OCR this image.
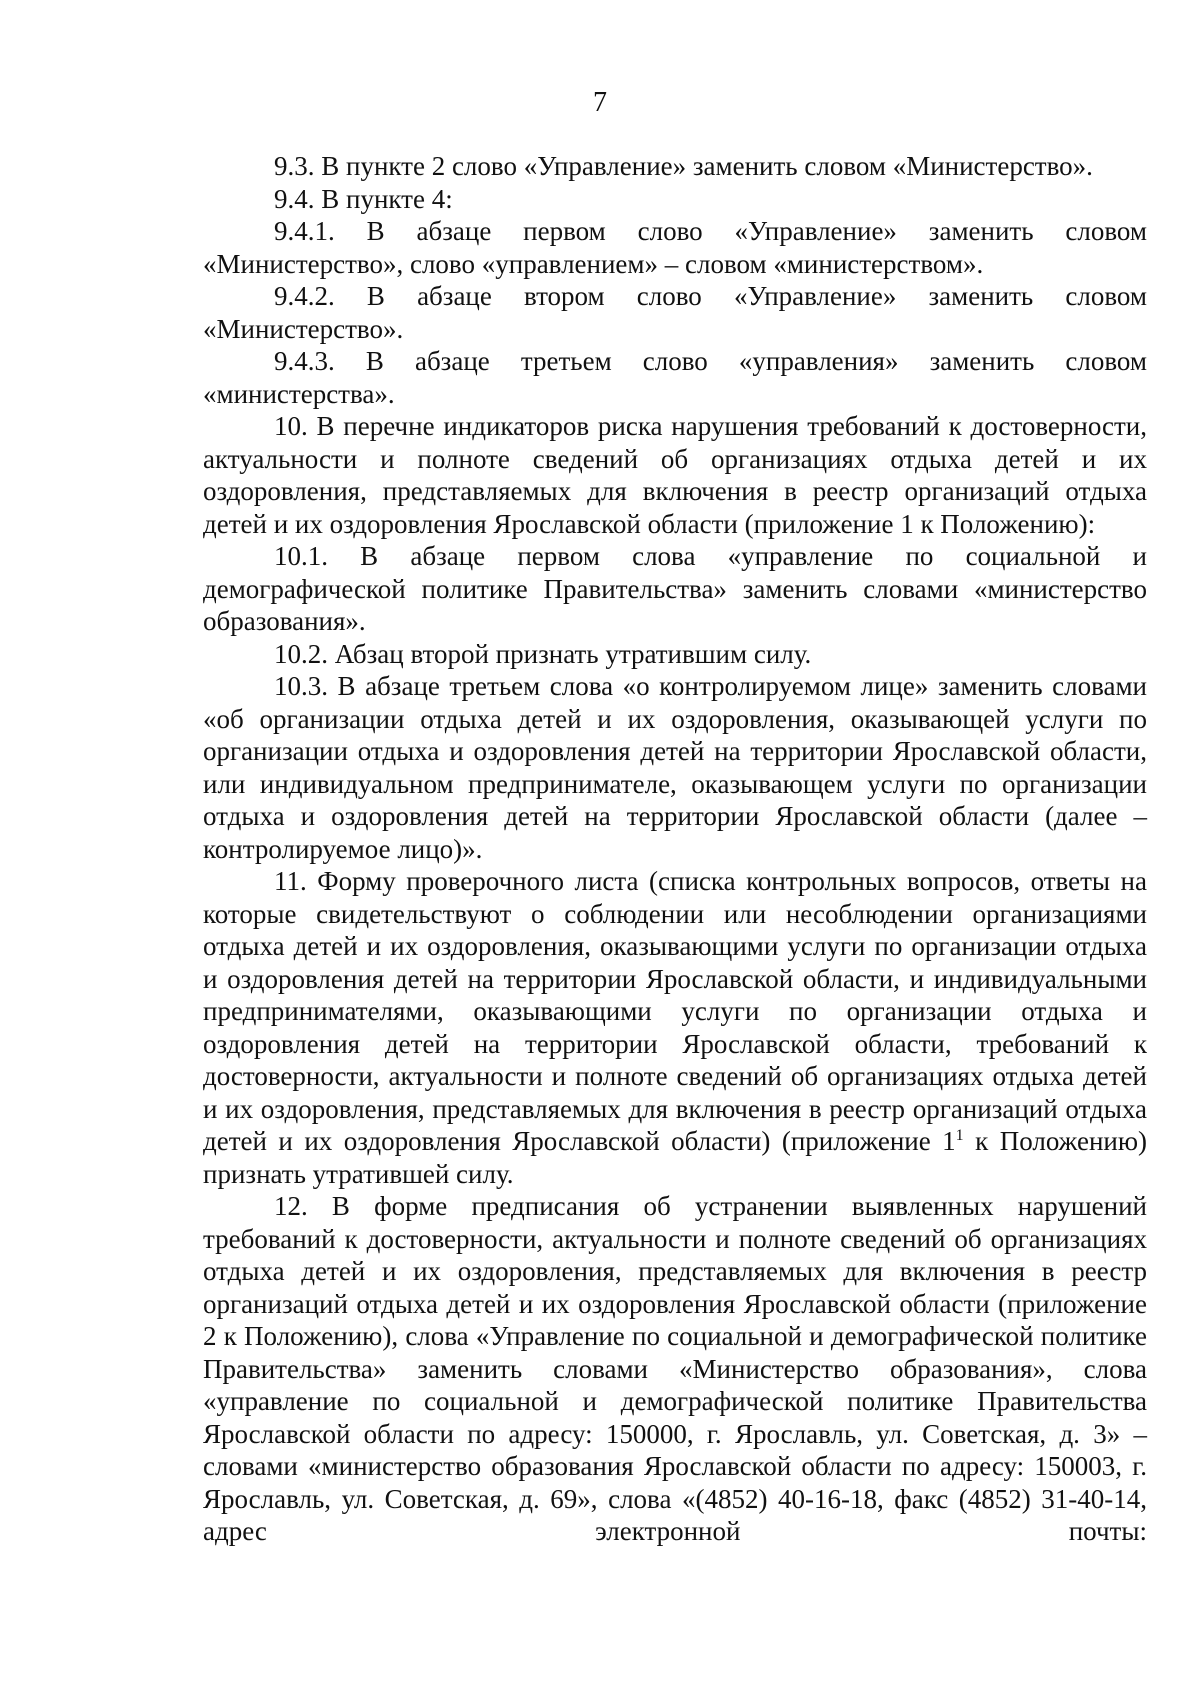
7

9.3. В пункте 2 слово «Управление» заменить словом «Министерство».

9.4. В пункте 4:

9.4.1. В абзаце первом слово «Управление» заменить словом «Министерство», слово «управлением» – словом «министерством».

9.4.2. В абзаце втором слово «Управление» заменить словом «Министерство».

9.4.3. В абзаце третьем слово «управления» заменить словом «министерства».

10. В перечне индикаторов риска нарушения требований к достоверности, актуальности и полноте сведений об организациях отдыха детей и их оздоровления, представляемых для включения в реестр организаций отдыха детей и их оздоровления Ярославской области (приложение 1 к Положению):

10.1. В абзаце первом слова «управление по социальной и демографической политике Правительства» заменить словами «министерство образования».

10.2. Абзац второй признать утратившим силу.

10.3. В абзаце третьем слова «о контролируемом лице» заменить словами «об организации отдыха детей и их оздоровления, оказывающей услуги по организации отдыха и оздоровления детей на территории Ярославской области, или индивидуальном предпринимателе, оказывающем услуги по организации отдыха и оздоровления детей на территории Ярославской области (далее – контролируемое лицо)».

11. Форму проверочного листа (списка контрольных вопросов, ответы на которые свидетельствуют о соблюдении или несоблюдении организациями отдыха детей и их оздоровления, оказывающими услуги по организации отдыха и оздоровления детей на территории Ярославской области, и индивидуальными предпринимателями, оказывающими услуги по организации отдыха и оздоровления детей на территории Ярославской области, требований к достоверности, актуальности и полноте сведений об организациях отдыха детей и их оздоровления, представляемых для включения в реестр организаций отдыха детей и их оздоровления Ярославской области) (приложение $1^1$ к Положению) признать утратившей силу.

12. В форме предписания об устранении выявленных нарушений требований к достоверности, актуальности и полноте сведений об организациях отдыха детей и их оздоровления, представляемых для включения в реестр организаций отдыха детей и их оздоровления Ярославской области (приложение 2 к Положению), слова «Управление по социальной и демографической политике Правительства» заменить словами «Министерство образования», слова «управление по социальной и демографической политике Правительства Ярославской области по адресу: 150000, г. Ярославль, ул. Советская, д. 3» – словами «министерство образования Ярославской области по адресу: 150003, г. Ярославль, ул. Советская, д. 69», слова «(4852) 40-16-18, факс (4852) 31-40-14, адрес электронной почты:
